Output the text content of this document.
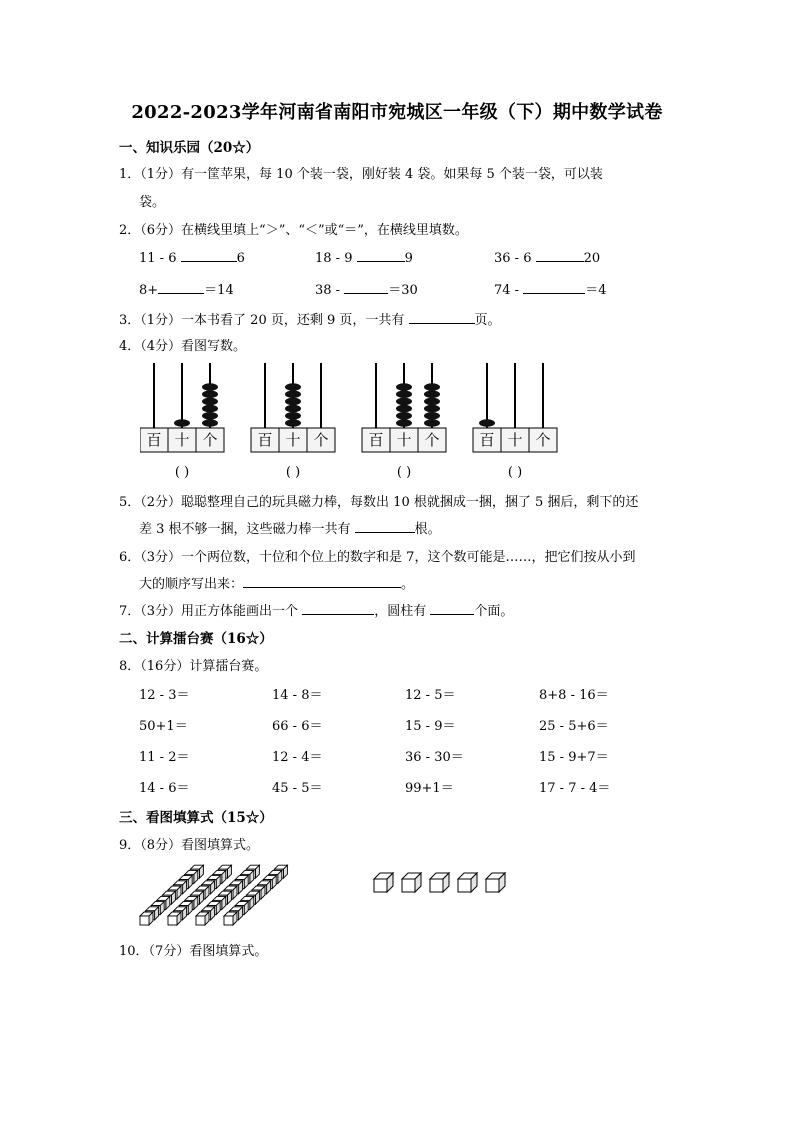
2022-2023学年河南省南阳市宛城区一年级（下）期中数学试卷
一、知识乐园（20☆）
1．（1分）有一筐苹果，每 10 个装一袋，刚好装 4 袋。如果每 5 个装一袋，可以装
袋。
2．（6分）在横线里填上“＞”、“＜”或“＝”，在横线里填数。
11 - 6	6	18 - 9	9	36 - 6	20
8+	＝14	38 -	＝30	74 -	＝4
3．（1分）一本书看了 20 页，还剩 9 页，一共有	页。
4．（4分）看图写数。
百 十 个
( )
百 十 个
( )
百 十 个
( )
百 十 个
( )
5．（2分）聪聪整理自己的玩具磁力棒，每数出 10 根就捆成一捆，捆了 5 捆后，剩下的还
差 3 根不够一捆，这些磁力棒一共有	根。
6．（3分）一个两位数，十位和个位上的数字和是 7，这个数可能是……，把它们按从小到
大的顺序写出来：	。
7．（3分）用正方体能画出一个	，圆柱有	个面。
二、计算擂台赛（16☆）
8．（16分）计算擂台赛。
12 - 3＝	14 - 8＝	12 - 5＝	8+8 - 16＝
50+1＝	66 - 6＝	15 - 9＝	25 - 5+6＝
11 - 2＝	12 - 4＝	36 - 30＝	15 - 9+7＝
14 - 6＝	45 - 5＝	99+1＝	17 - 7 - 4＝
三、看图填算式（15☆）
9．（8分）看图填算式。
10．（7分）看图填算式。
